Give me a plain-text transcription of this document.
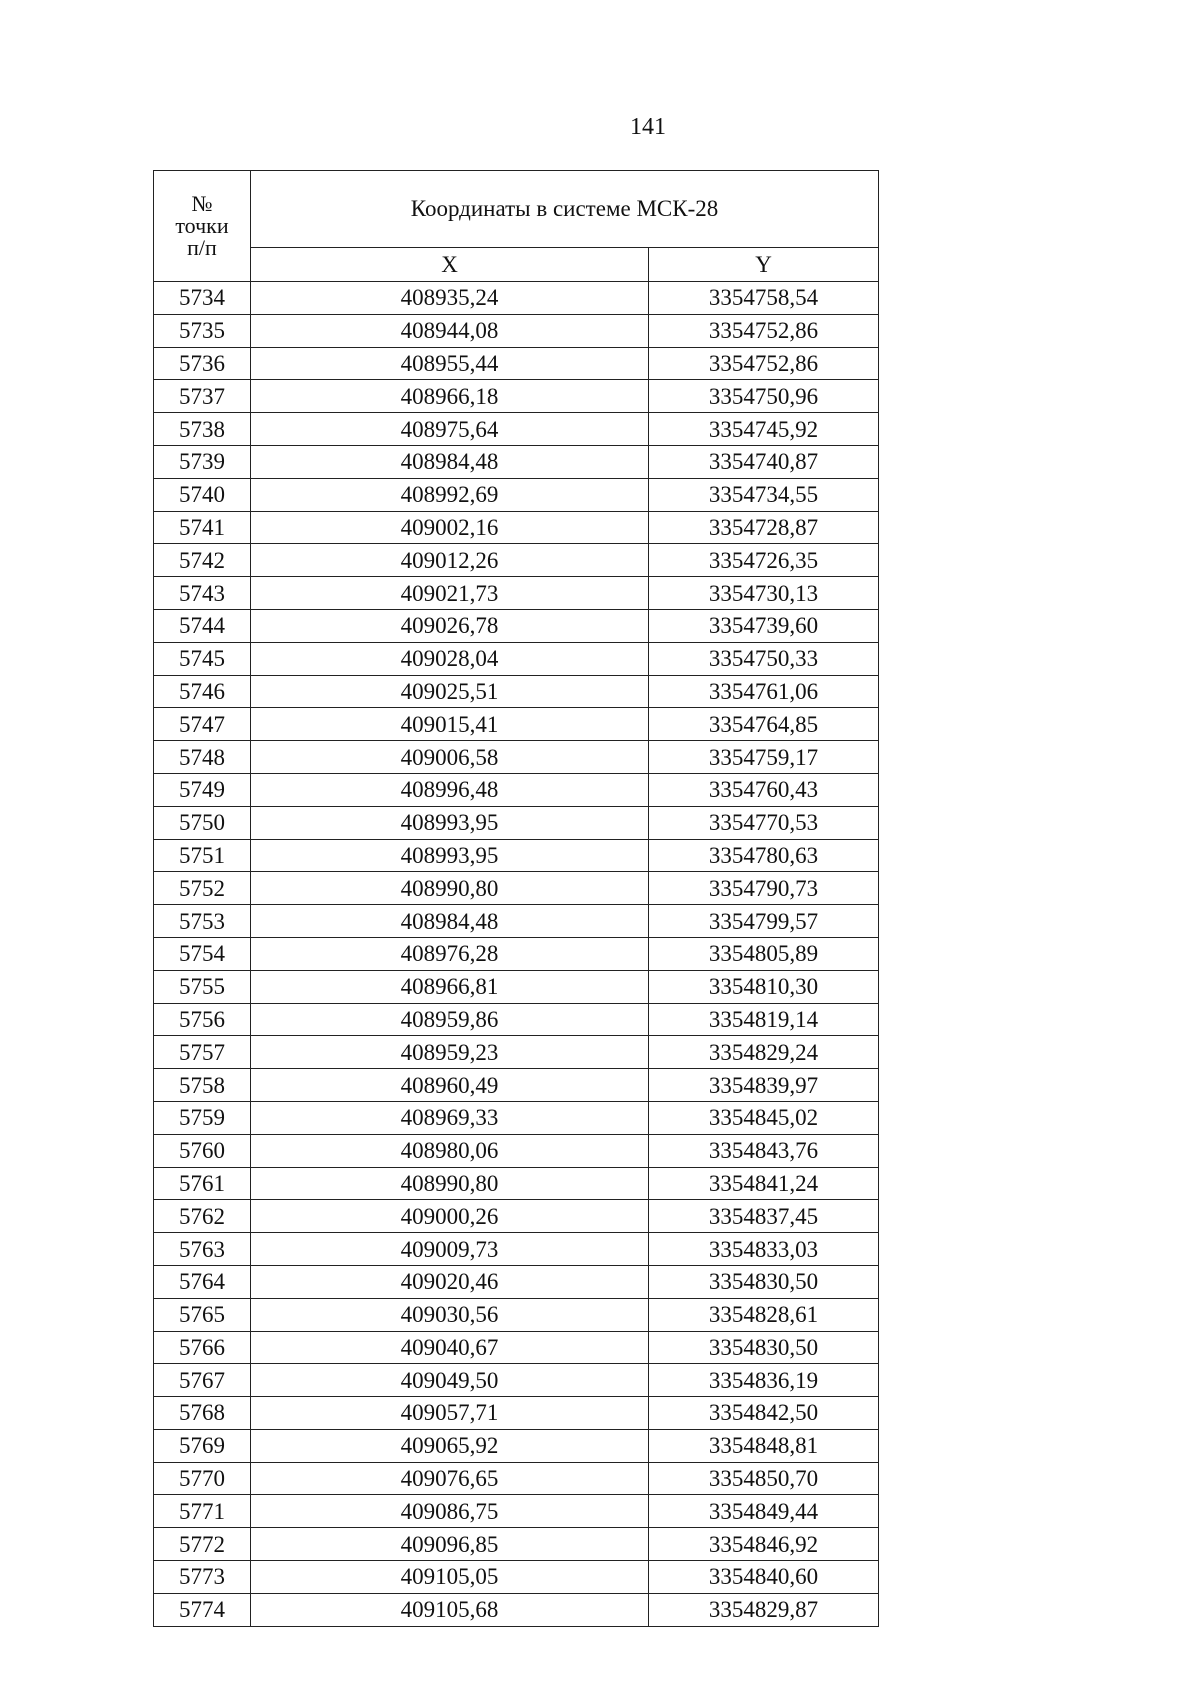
141
№
точки
п/п	Координаты в системе МСК-28	
	X	Y
5734	408935,24	3354758,54
5735	408944,08	3354752,86
5736	408955,44	3354752,86
5737	408966,18	3354750,96
5738	408975,64	3354745,92
5739	408984,48	3354740,87
5740	408992,69	3354734,55
5741	409002,16	3354728,87
5742	409012,26	3354726,35
5743	409021,73	3354730,13
5744	409026,78	3354739,60
5745	409028,04	3354750,33
5746	409025,51	3354761,06
5747	409015,41	3354764,85
5748	409006,58	3354759,17
5749	408996,48	3354760,43
5750	408993,95	3354770,53
5751	408993,95	3354780,63
5752	408990,80	3354790,73
5753	408984,48	3354799,57
5754	408976,28	3354805,89
5755	408966,81	3354810,30
5756	408959,86	3354819,14
5757	408959,23	3354829,24
5758	408960,49	3354839,97
5759	408969,33	3354845,02
5760	408980,06	3354843,76
5761	408990,80	3354841,24
5762	409000,26	3354837,45
5763	409009,73	3354833,03
5764	409020,46	3354830,50
5765	409030,56	3354828,61
5766	409040,67	3354830,50
5767	409049,50	3354836,19
5768	409057,71	3354842,50
5769	409065,92	3354848,81
5770	409076,65	3354850,70
5771	409086,75	3354849,44
5772	409096,85	3354846,92
5773	409105,05	3354840,60
5774	409105,68	3354829,87
